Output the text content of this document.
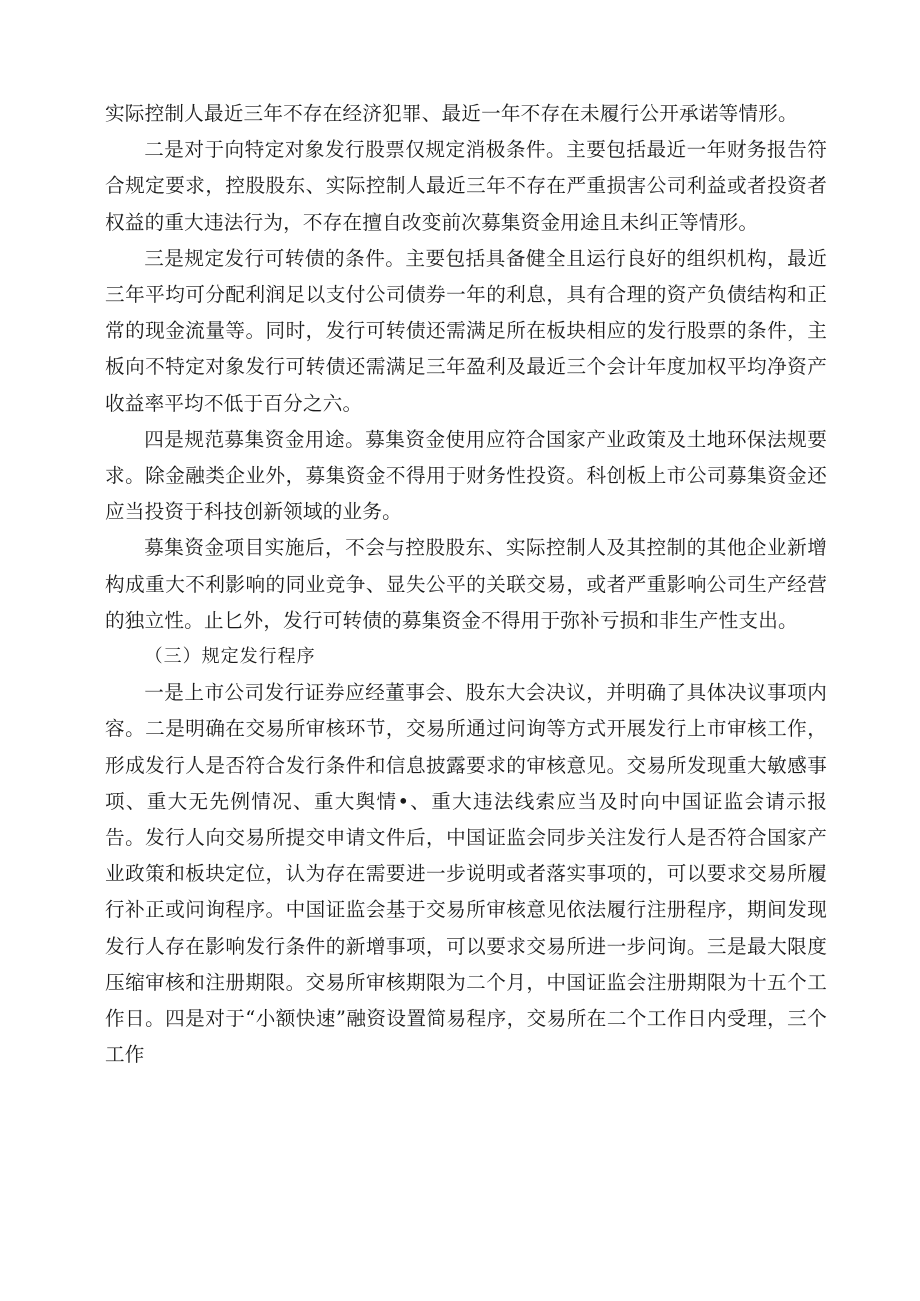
实际控制人最近三年不存在经济犯罪、最近一年不存在未履行公开承诺等情形。

二是对于向特定对象发行股票仅规定消极条件。主要包括最近一年财务报告符合规定要求，控股股东、实际控制人最近三年不存在严重损害公司利益或者投资者权益的重大违法行为，不存在擅自改变前次募集资金用途且未纠正等情形。

三是规定发行可转债的条件。主要包括具备健全且运行良好的组织机构，最近三年平均可分配利润足以支付公司债券一年的利息，具有合理的资产负债结构和正常的现金流量等。同时，发行可转债还需满足所在板块相应的发行股票的条件，主板向不特定对象发行可转债还需满足三年盈利及最近三个会计年度加权平均净资产收益率平均不低于百分之六。

四是规范募集资金用途。募集资金使用应符合国家产业政策及土地环保法规要求。除金融类企业外，募集资金不得用于财务性投资。科创板上市公司募集资金还应当投资于科技创新领域的业务。

募集资金项目实施后，不会与控股股东、实际控制人及其控制的其他企业新增构成重大不利影响的同业竞争、显失公平的关联交易，或者严重影响公司生产经营的独立性。止匕外，发行可转债的募集资金不得用于弥补亏损和非生产性支出。

（三）规定发行程序

一是上市公司发行证券应经董事会、股东大会决议，并明确了具体决议事项内容。二是明确在交易所审核环节，交易所通过问询等方式开展发行上市审核工作，形成发行人是否符合发行条件和信息披露要求的审核意见。交易所发现重大敏感事项、重大无先例情况、重大舆情•、重大违法线索应当及时向中国证监会请示报告。发行人向交易所提交申请文件后，中国证监会同步关注发行人是否符合国家产业政策和板块定位，认为存在需要进一步说明或者落实事项的，可以要求交易所履行补正或问询程序。中国证监会基于交易所审核意见依法履行注册程序，期间发现发行人存在影响发行条件的新增事项，可以要求交易所进一步问询。三是最大限度压缩审核和注册期限。交易所审核期限为二个月，中国证监会注册期限为十五个工作日。四是对于“小额快速”融资设置简易程序，交易所在二个工作日内受理，三个工作
